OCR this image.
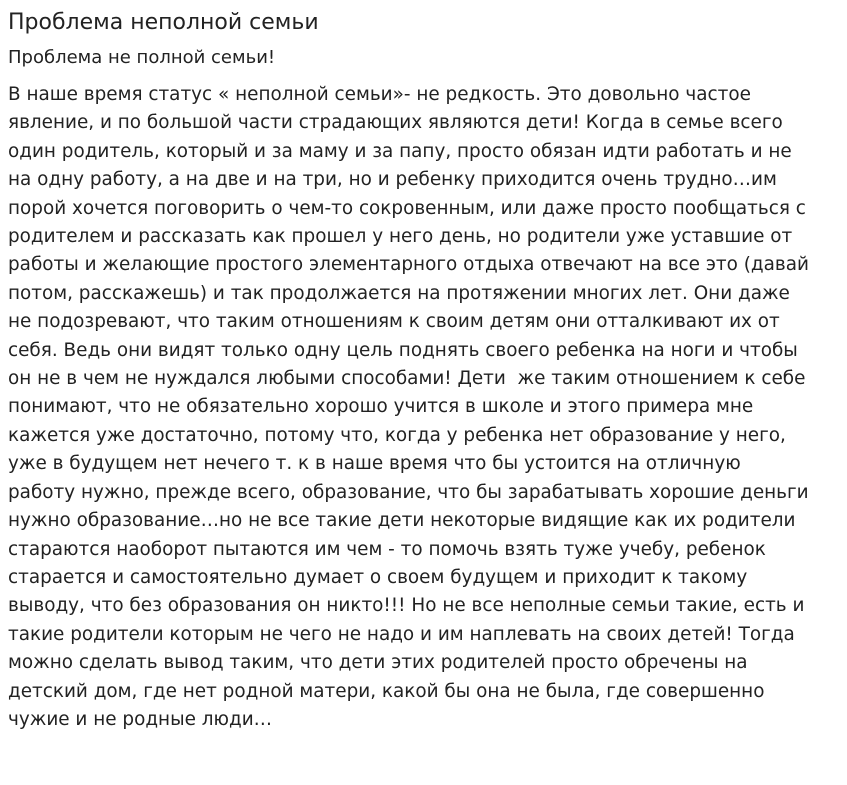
Проблема неполной семьи
Проблема не полной семьи!
В наше время статус « неполной семьи»- не редкость. Это довольно частое
явление, и по большой части страдающих являются дети! Когда в семье всего
один родитель, который и за маму и за папу, просто обязан идти работать и не
на одну работу, а на две и на три, но и ребенку приходится очень трудно…им
порой хочется поговорить о чем-то сокровенным, или даже просто пообщаться с
родителем и рассказать как прошел у него день, но родители уже уставшие от
работы и желающие простого элементарного отдыха отвечают на все это (давай
потом, расскажешь) и так продолжается на протяжении многих лет. Они даже
не подозревают, что таким отношениям к своим детям они отталкивают их от
себя. Ведь они видят только одну цель поднять своего ребенка на ноги и чтобы
он не в чем не нуждался любыми способами! Дети  же таким отношением к себе
понимают, что не обязательно хорошо учится в школе и этого примера мне
кажется уже достаточно, потому что, когда у ребенка нет образование у него,
уже в будущем нет нечего т. к в наше время что бы устоится на отличную
работу нужно, прежде всего, образование, что бы зарабатывать хорошие деньги
нужно образование…но не все такие дети некоторые видящие как их родители
стараются наоборот пытаются им чем - то помочь взять туже учебу, ребенок
старается и самостоятельно думает о своем будущем и приходит к такому
выводу, что без образования он никто!!! Но не все неполные семьи такие, есть и
такие родители которым не чего не надо и им наплевать на своих детей! Тогда
можно сделать вывод таким, что дети этих родителей просто обречены на
детский дом, где нет родной матери, какой бы она не была, где совершенно
чужие и не родные люди…
